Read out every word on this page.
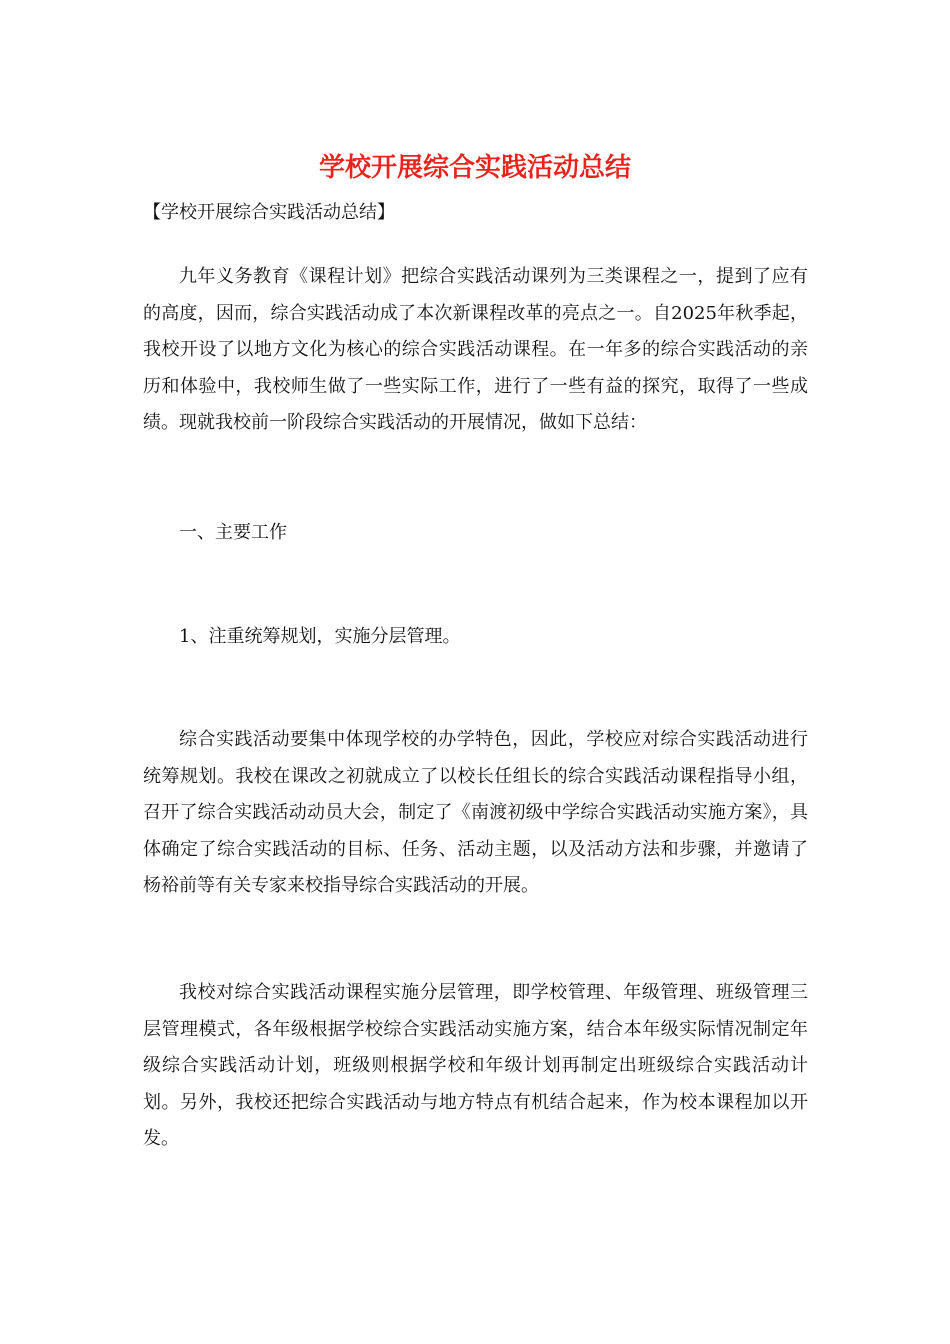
学校开展综合实践活动总结

【学校开展综合实践活动总结】

九年义务教育《课程计划》把综合实践活动课列为三类课程之一，提到了应有的高度，因而，综合实践活动成了本次新课程改革的亮点之一。自2025年秋季起，我校开设了以地方文化为核心的综合实践活动课程。在一年多的综合实践活动的亲历和体验中，我校师生做了一些实际工作，进行了一些有益的探究，取得了一些成绩。现就我校前一阶段综合实践活动的开展情况，做如下总结：

一、主要工作

1、注重统筹规划，实施分层管理。

综合实践活动要集中体现学校的办学特色，因此，学校应对综合实践活动进行统筹规划。我校在课改之初就成立了以校长任组长的综合实践活动课程指导小组，召开了综合实践活动动员大会，制定了《南渡初级中学综合实践活动实施方案》，具体确定了综合实践活动的目标、任务、活动主题，以及活动方法和步骤，并邀请了杨裕前等有关专家来校指导综合实践活动的开展。

我校对综合实践活动课程实施分层管理，即学校管理、年级管理、班级管理三层管理模式，各年级根据学校综合实践活动实施方案，结合本年级实际情况制定年级综合实践活动计划，班级则根据学校和年级计划再制定出班级综合实践活动计划。另外，我校还把综合实践活动与地方特点有机结合起来，作为校本课程加以开发。
